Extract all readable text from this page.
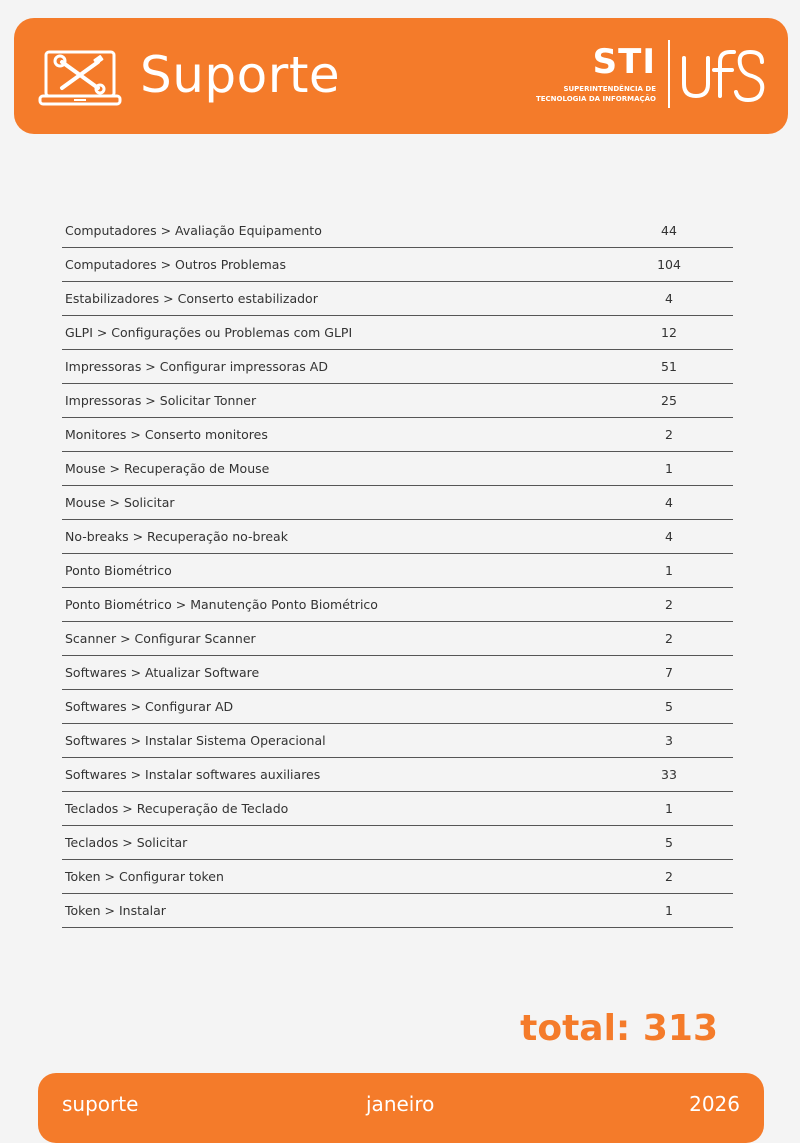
Suporte	STI
SUPERINTENDÊNCIA DE
TECNOLOGIA DA INFORMAÇÃO
Computadores > Avaliação Equipamento	44
Computadores > Outros Problemas	104
Estabilizadores > Conserto estabilizador	4
GLPI > Configurações ou Problemas com GLPI	12
Impressoras > Configurar impressoras AD	51
Impressoras > Solicitar Tonner	25
Monitores > Conserto monitores	2
Mouse > Recuperação de Mouse	1
Mouse > Solicitar	4
No-breaks > Recuperação no-break	4
Ponto Biométrico	1
Ponto Biométrico > Manutenção Ponto Biométrico	2
Scanner > Configurar Scanner	2
Softwares > Atualizar Software	7
Softwares > Configurar AD	5
Softwares > Instalar Sistema Operacional	3
Softwares > Instalar softwares auxiliares	33
Teclados > Recuperação de Teclado	1
Teclados > Solicitar	5
Token > Configurar token	2
Token > Instalar	1
total: 313
suporte	janeiro	2026
